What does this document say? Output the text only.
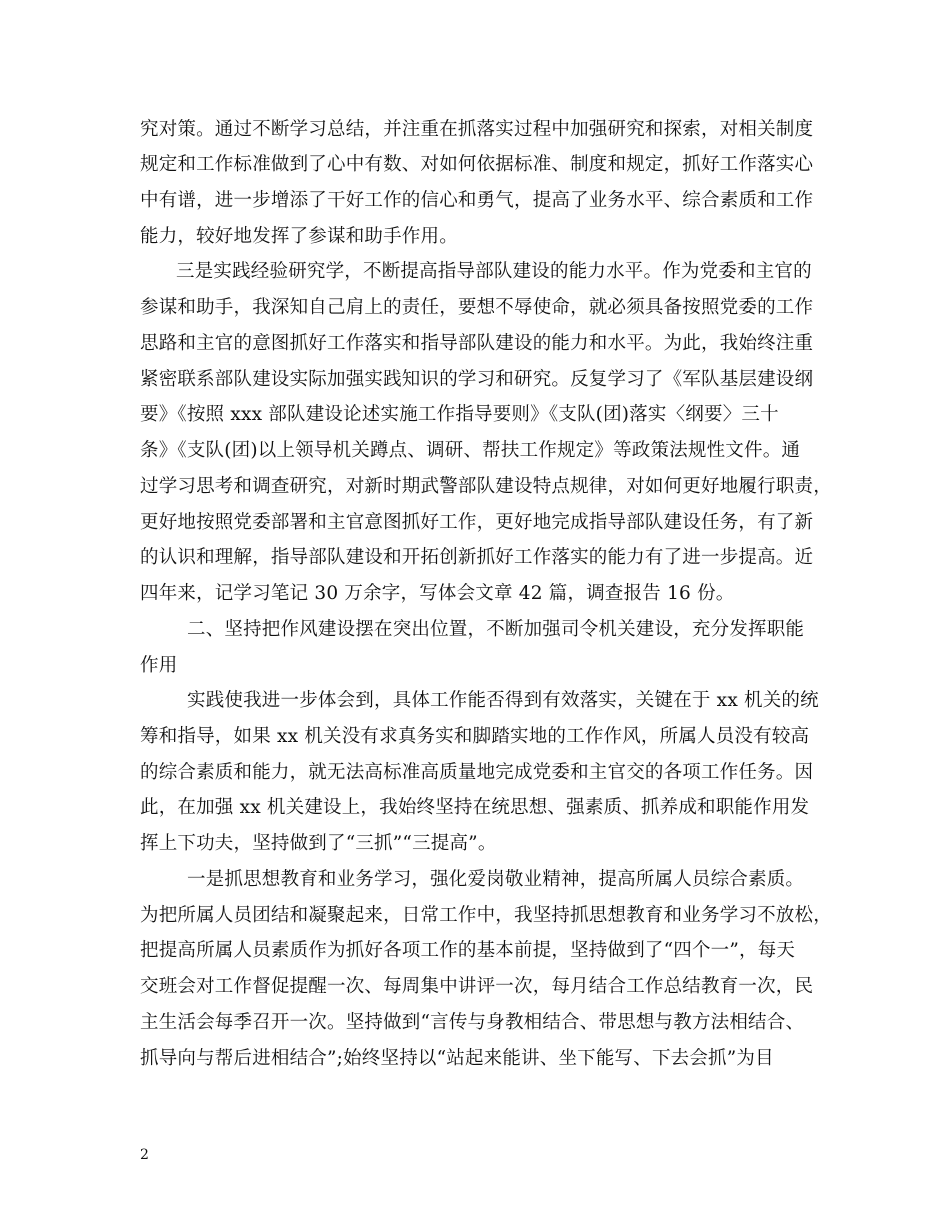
究对策。通过不断学习总结，并注重在抓落实过程中加强研究和探索，对相关制度
规定和工作标准做到了心中有数、对如何依据标准、制度和规定，抓好工作落实心
中有谱，进一步增添了干好工作的信心和勇气，提高了业务水平、综合素质和工作
能力，较好地发挥了参谋和助手作用。
三是实践经验研究学，不断提高指导部队建设的能力水平。作为党委和主官的
参谋和助手，我深知自己肩上的责任，要想不辱使命，就必须具备按照党委的工作
思路和主官的意图抓好工作落实和指导部队建设的能力和水平。为此，我始终注重
紧密联系部队建设实际加强实践知识的学习和研究。反复学习了《军队基层建设纲
要》《按照 xxx 部队建设论述实施工作指导要则》《支队(团)落实〈纲要〉三十
条》《支队(团)以上领导机关蹲点、调研、帮扶工作规定》等政策法规性文件。通
过学习思考和调查研究，对新时期武警部队建设特点规律，对如何更好地履行职责，
更好地按照党委部署和主官意图抓好工作，更好地完成指导部队建设任务，有了新
的认识和理解，指导部队建设和开拓创新抓好工作落实的能力有了进一步提高。近
四年来，记学习笔记 30 万余字，写体会文章 42 篇，调查报告 16 份。
二、坚持把作风建设摆在突出位置，不断加强司令机关建设，充分发挥职能
作用
实践使我进一步体会到，具体工作能否得到有效落实，关键在于 xx 机关的统
筹和指导，如果 xx 机关没有求真务实和脚踏实地的工作作风，所属人员没有较高
的综合素质和能力，就无法高标准高质量地完成党委和主官交的各项工作任务。因
此，在加强 xx 机关建设上，我始终坚持在统思想、强素质、抓养成和职能作用发
挥上下功夫，坚持做到了“三抓”“三提高”。
一是抓思想教育和业务学习，强化爱岗敬业精神，提高所属人员综合素质。
为把所属人员团结和凝聚起来，日常工作中，我坚持抓思想教育和业务学习不放松，
把提高所属人员素质作为抓好各项工作的基本前提，坚持做到了“四个一”，每天
交班会对工作督促提醒一次、每周集中讲评一次，每月结合工作总结教育一次，民
主生活会每季召开一次。坚持做到“言传与身教相结合、带思想与教方法相结合、
抓导向与帮后进相结合”;始终坚持以“站起来能讲、坐下能写、下去会抓”为目
2
